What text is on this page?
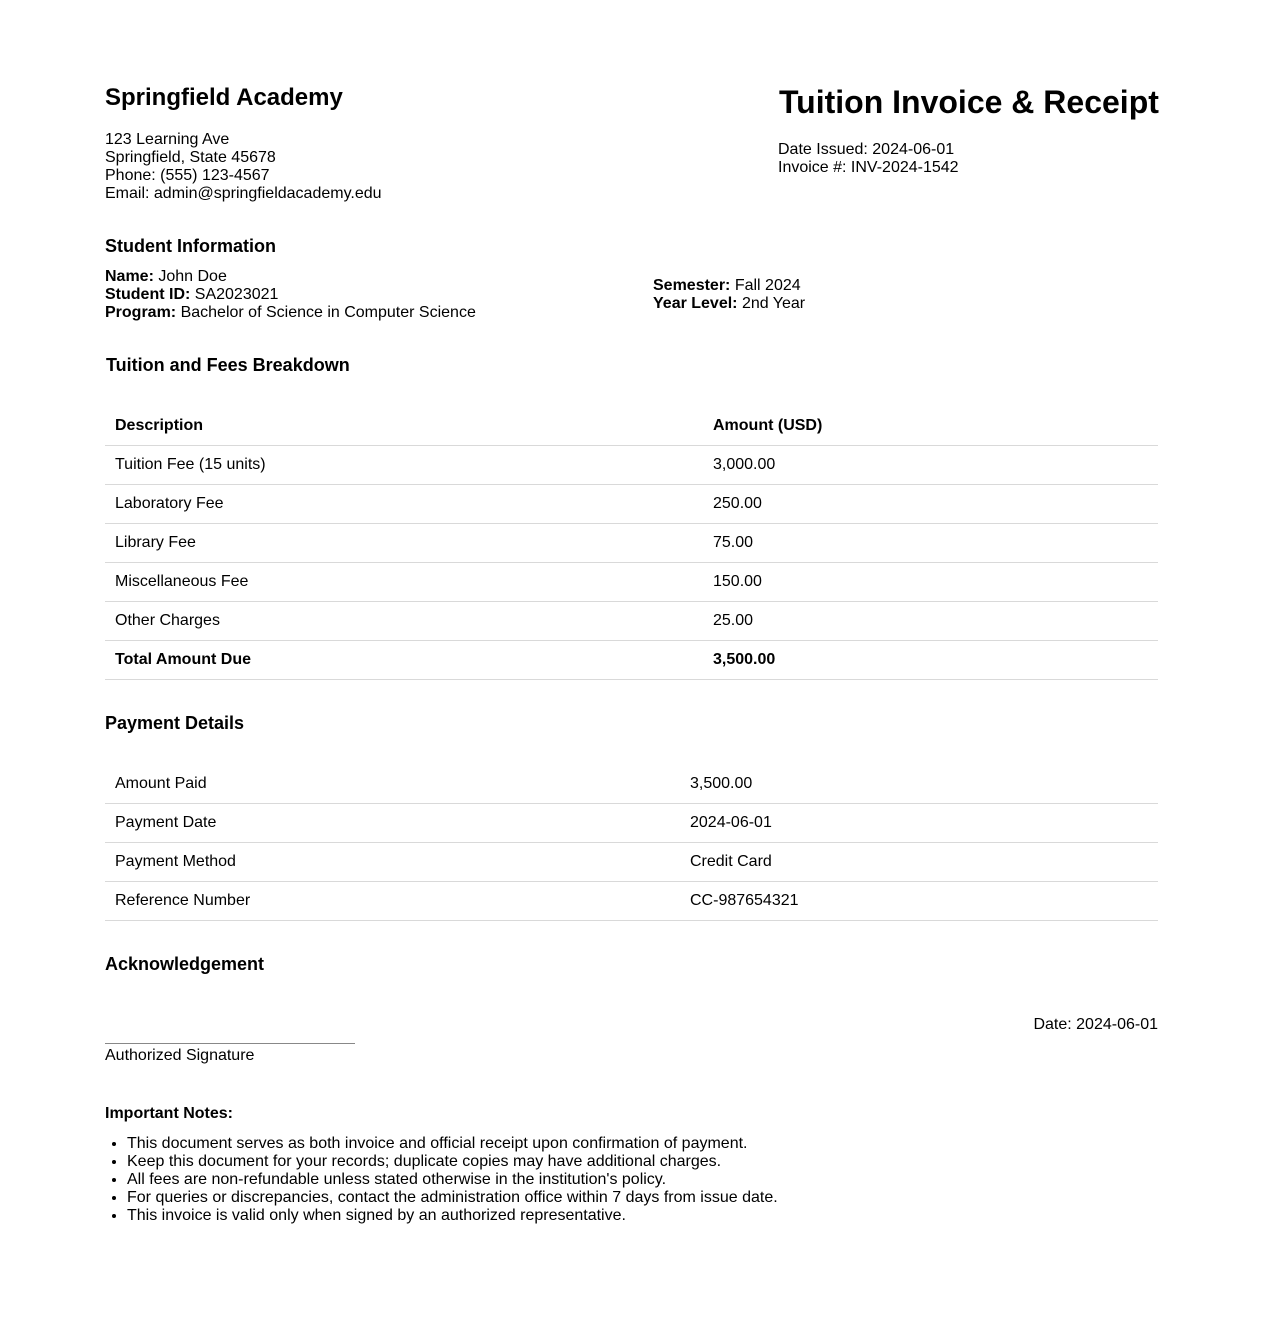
Springfield Academy
123 Learning Ave
Springfield, State 45678
Phone: (555) 123-4567
Email: admin@springfieldacademy.edu
Tuition Invoice & Receipt
Date Issued: 2024-06-01
Invoice #: INV-2024-1542
Student Information
Name: John Doe
Student ID: SA2023021
Program: Bachelor of Science in Computer Science
Semester: Fall 2024
Year Level: 2nd Year
Tuition and Fees Breakdown
Description	Amount (USD)
Tuition Fee (15 units)	3,000.00
Laboratory Fee	250.00
Library Fee	75.00
Miscellaneous Fee	150.00
Other Charges	25.00
Total Amount Due	3,500.00
Payment Details
Amount Paid	3,500.00
Payment Date	2024-06-01
Payment Method	Credit Card
Reference Number	CC-987654321
Acknowledgement
Date: 2024-06-01
Authorized Signature
Important Notes:
• This document serves as both invoice and official receipt upon confirmation of payment.
• Keep this document for your records; duplicate copies may have additional charges.
• All fees are non-refundable unless stated otherwise in the institution's policy.
• For queries or discrepancies, contact the administration office within 7 days from issue date.
• This invoice is valid only when signed by an authorized representative.
